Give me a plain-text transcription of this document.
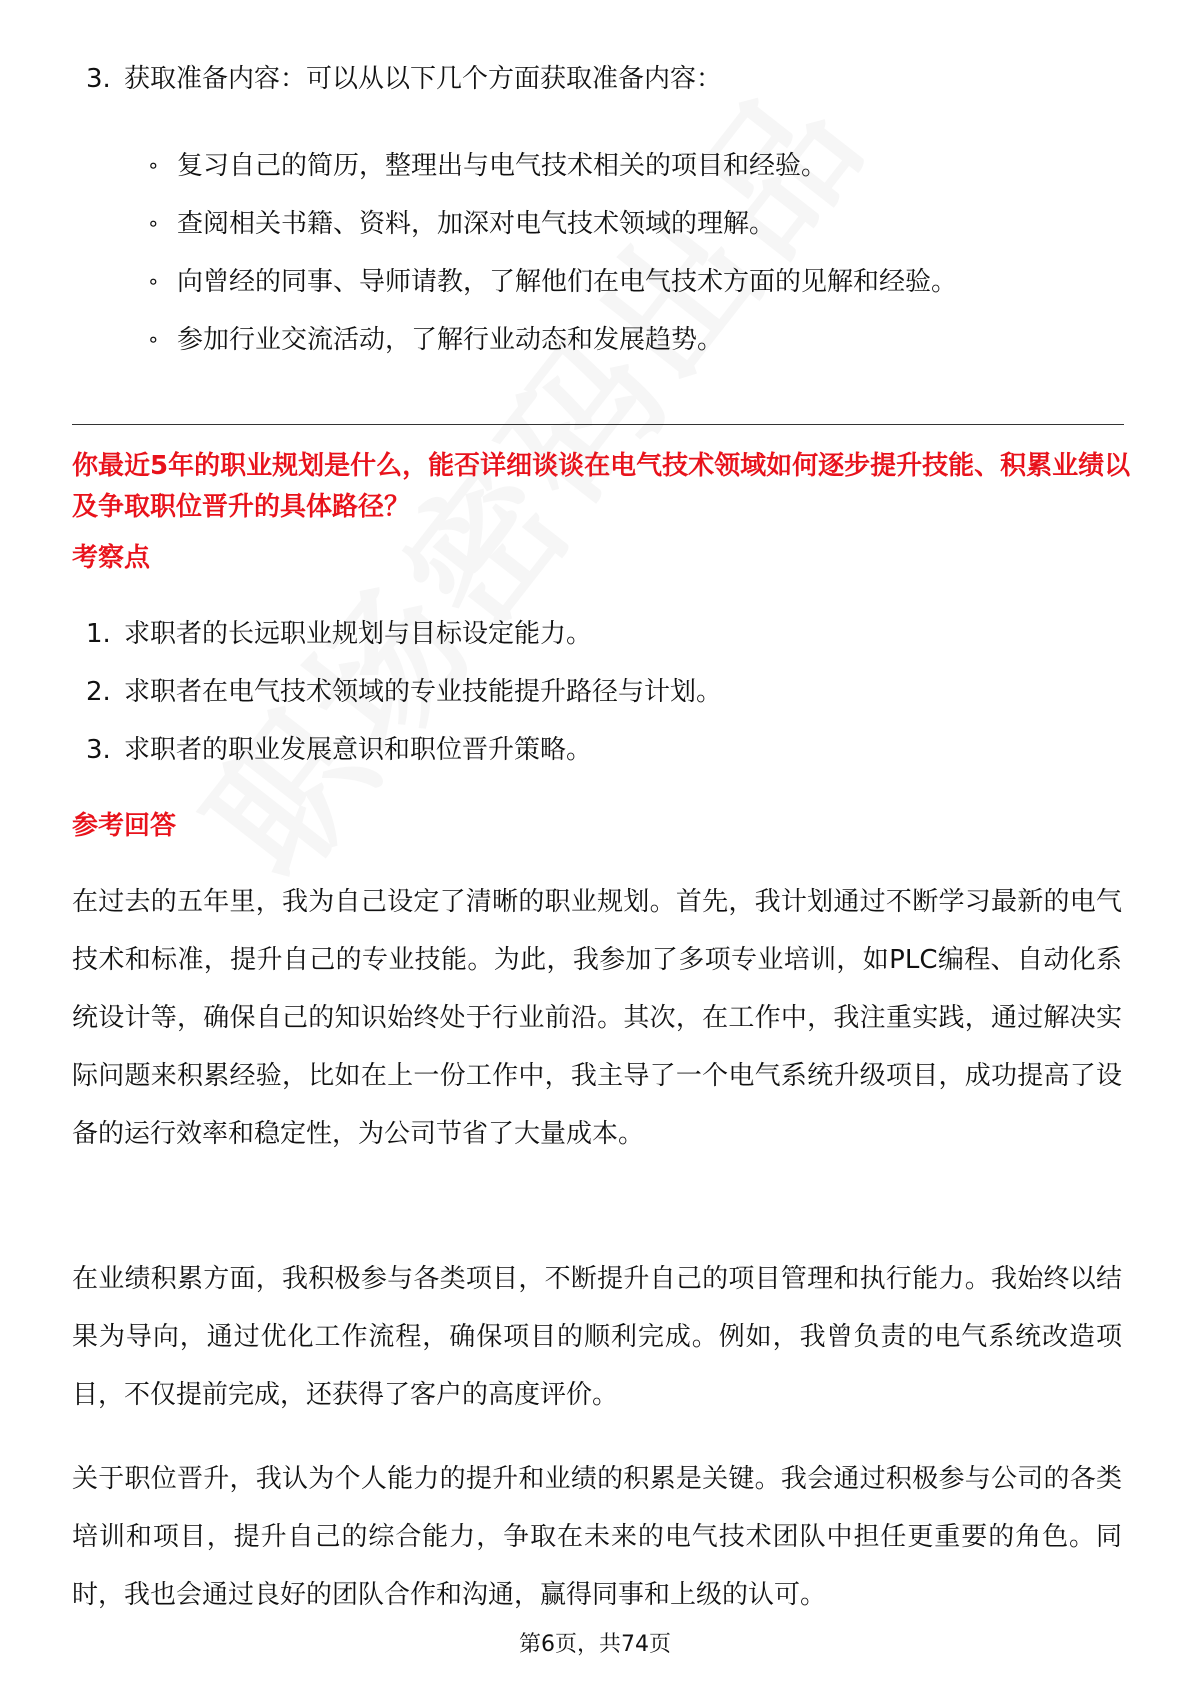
3. 获取准备内容：可以从以下几个方面获取准备内容：
∘ 复习自己的简历，整理出与电气技术相关的项目和经验。
∘ 查阅相关书籍、资料，加深对电气技术领域的理解。
∘ 向曾经的同事、导师请教，了解他们在电气技术方面的见解和经验。
∘ 参加行业交流活动，了解行业动态和发展趋势。
你最近5年的职业规划是什么，能否详细谈谈在电气技术领域如何逐步提升技能、积累业绩以及争取职位晋升的具体路径？
考察点
1. 求职者的长远职业规划与目标设定能力。
2. 求职者在电气技术领域的专业技能提升路径与计划。
3. 求职者的职业发展意识和职位晋升策略。
参考回答
在过去的五年里，我为自己设定了清晰的职业规划。首先，我计划通过不断学习最新的电气技术和标准，提升自己的专业技能。为此，我参加了多项专业培训，如PLC编程、自动化系统设计等，确保自己的知识始终处于行业前沿。其次，在工作中，我注重实践，通过解决实际问题来积累经验，比如在上一份工作中，我主导了一个电气系统升级项目，成功提高了设备的运行效率和稳定性，为公司节省了大量成本。
在业绩积累方面，我积极参与各类项目，不断提升自己的项目管理和执行能力。我始终以结果为导向，通过优化工作流程，确保项目的顺利完成。例如，我曾负责的电气系统改造项目，不仅提前完成，还获得了客户的高度评价。
关于职位晋升，我认为个人能力的提升和业绩的积累是关键。我会通过积极参与公司的各类培训和项目，提升自己的综合能力，争取在未来的电气技术团队中担任更重要的角色。同时，我也会通过良好的团队合作和沟通，赢得同事和上级的认可。
第6页，共74页
